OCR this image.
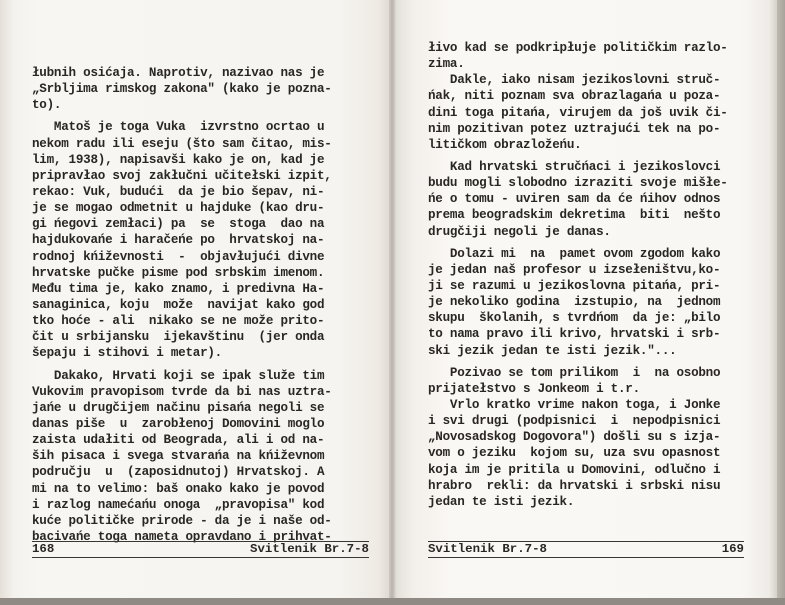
łubnih osićaja. Naprotiv, nazivao nas je
„Srbljima rimskog zakona" (kako je pozna-
to).
Matoš je toga Vuka  izvrstno ocrtao u
nekom radu ili eseju (što sam čitao, mis-
lim, 1938), napisavši kako je on, kad je
pripravłao svoj zakłučni učitełski izpit,
rekao: Vuk, budući  da je bio šepav, ni-
je se mogao odmetnit u hajduke (kao dru-
gi ńegovi zemłaci) pa  se  stoga  dao na
hajdukovańe i haračeńe po  hrvatskoj na-
rodnoj kńiževnosti  -  objavłujući divne
hrvatske pučke pisme pod srbskim imenom.
Među tima je, kako znamo, i predivna Ha-
sanaginica, koju  može  navijat kako god
tko hoće - ali  nikako se ne može prito-
čit u srbijansku  ijekavštinu  (jer onda
šepaju i stihovi i metar).
Dakako, Hrvati koji se ipak služe tim
Vukovim pravopisom tvrde da bi nas uztra-
jańe u drugčijem načinu pisańa negoli se
danas piše  u  zarobłenoj Domovini moglo
zaista udałiti od Beograda, ali i od na-
ših pisaca i svega stvarańa na kńiževnom
području  u  (zaposidnutoj) Hrvatskoj. A
mi na to velimo: baš onako kako je povod
i razlog namećańu onoga  „pravopisa" kod
kuće političke prirode - da je i naše od-
bacivańe toga nameta opravdano i prihvat-
168	Svitlenik Br.7-8
łivo kad se podkripłuje političkim razlo-
zima.
Dakle, iako nisam jezikoslovni struč-
ńak, niti poznam sva obrazlagańa u poza-
dini toga pitańa, virujem da još uvik či-
nim pozitivan potez uztrajući tek na po-
litičkom obrazložeńu.
Kad hrvatski stručńaci i jezikoslovci
budu mogli slobodno izraziti svoje mišłe-
ńe o tomu - uviren sam da će ńihov odnos
prema beogradskim dekretima  biti  nešto
drugčiji negoli je danas.
Dolazi mi  na  pamet ovom zgodom kako
je jedan naš profesor u izsełeništvu,ko-
ji se razumi u jezikoslovna pitańa, pri-
je nekoliko godina  izstupio, na  jednom
skupu  školanih, s tvrdńom  da je: „bilo
to nama pravo ili krivo, hrvatski i srb-
ski jezik jedan te isti jezik."...
Pozivao se tom prilikom  i  na osobno
prijatełstvo s Jonkeom i t.r.
Vrlo kratko vrime nakon toga, i Jonke
i svi drugi (podpisnici  i  nepodpisnici
„Novosadskog Dogovora") došli su s izja-
vom o jeziku  kojom su, uza svu opasnost
koja im je pritila u Domovini, odlučno i
hrabro  rekli: da hrvatski i srbski nisu
jedan te isti jezik.
Svitlenik Br.7-8	169
